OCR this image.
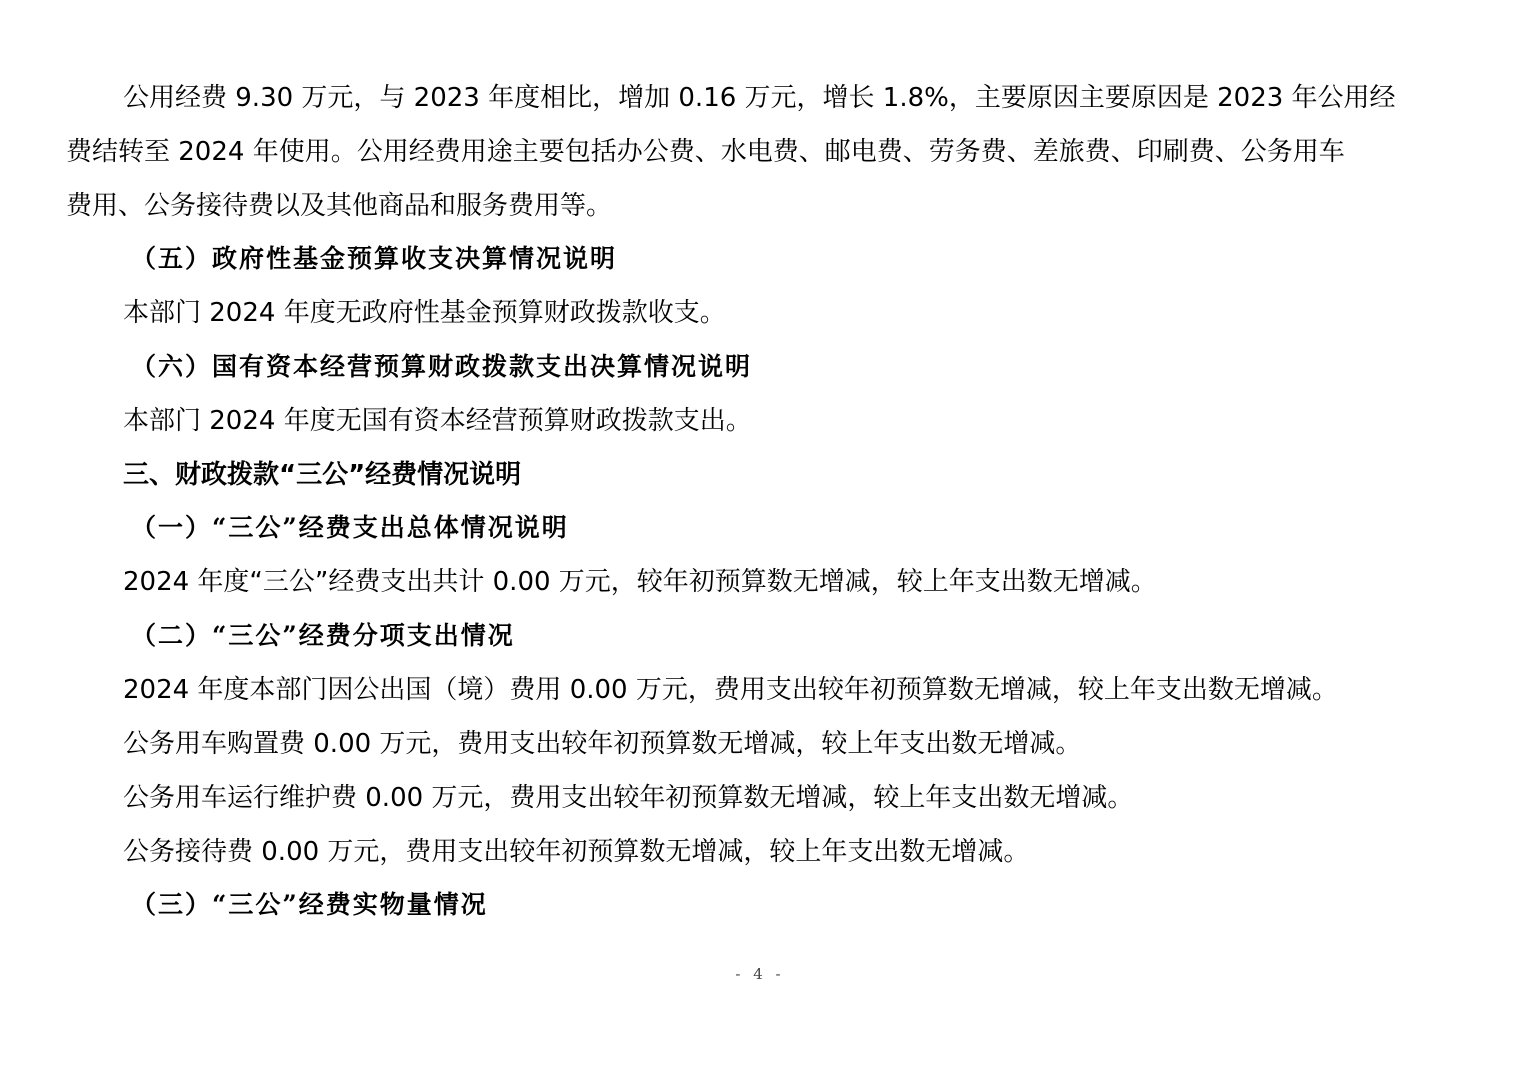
公用经费 9.30 万元，与 2023 年度相比，增加 0.16 万元，增长 1.8%，主要原因主要原因是 2023 年公用经
费结转至 2024 年使用。公用经费用途主要包括办公费、水电费、邮电费、劳务费、差旅费、印刷费、公务用车
费用、公务接待费以及其他商品和服务费用等。
（五）政府性基金预算收支决算情况说明
本部门 2024 年度无政府性基金预算财政拨款收支。
（六）国有资本经营预算财政拨款支出决算情况说明
本部门 2024 年度无国有资本经营预算财政拨款支出。
三、财政拨款“三公”经费情况说明
（一）“三公”经费支出总体情况说明
2024 年度“三公”经费支出共计 0.00 万元，较年初预算数无增减，较上年支出数无增减。
（二）“三公”经费分项支出情况
2024 年度本部门因公出国（境）费用 0.00 万元，费用支出较年初预算数无增减，较上年支出数无增减。
公务用车购置费 0.00 万元，费用支出较年初预算数无增减，较上年支出数无增减。
公务用车运行维护费 0.00 万元，费用支出较年初预算数无增减，较上年支出数无增减。
公务接待费 0.00 万元，费用支出较年初预算数无增减，较上年支出数无增减。
（三）“三公”经费实物量情况
- 4 -
